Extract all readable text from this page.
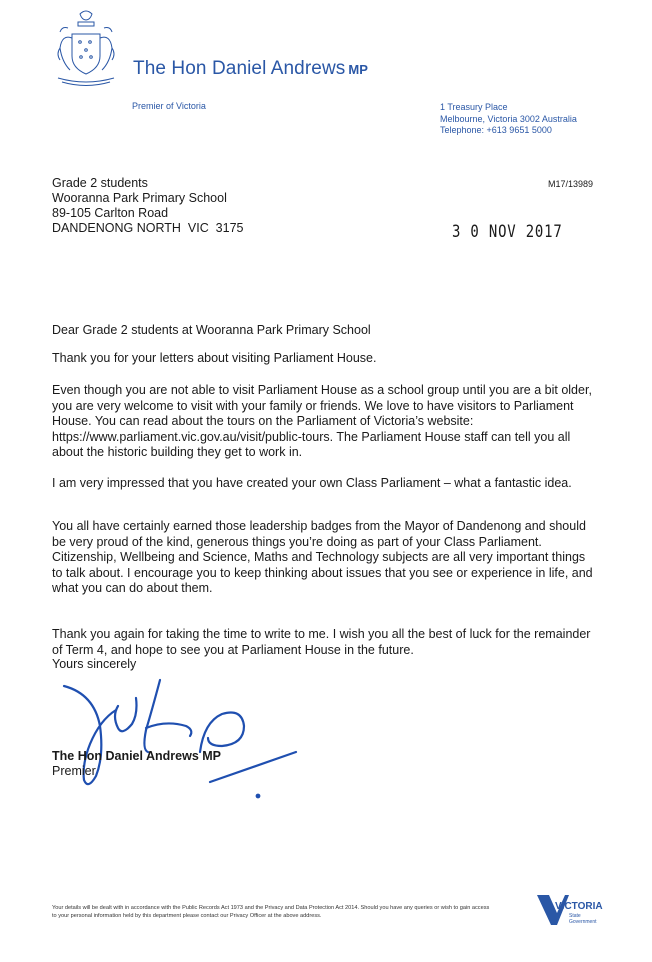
The Hon Daniel Andrews MP
Premier of Victoria	1 Treasury Place
Melbourne, Victoria 3002 Australia
Telephone: +613 9651 5000
Grade 2 students
Wooranna Park Primary School
89-105 Carlton Road
DANDENONG NORTH  VIC  3175
M17/13989
3 0 NOV 2017

Dear Grade 2 students at Wooranna Park Primary School

Thank you for your letters about visiting Parliament House.

Even though you are not able to visit Parliament House as a school group until you are a bit older, you are very welcome to visit with your family or friends. We love to have visitors to Parliament House. You can read about the tours on the Parliament of Victoria’s website: https://www.parliament.vic.gov.au/visit/public-tours. The Parliament House staff can tell you all about the historic building they get to work in.

I am very impressed that you have created your own Class Parliament – what a fantastic idea.

You all have certainly earned those leadership badges from the Mayor of Dandenong and should be very proud of the kind, generous things you’re doing as part of your Class Parliament. Citizenship, Wellbeing and Science, Maths and Technology subjects are all very important things to talk about. I encourage you to keep thinking about issues that you see or experience in life, and what you can do about them.

Thank you again for taking the time to write to me. I wish you all the best of luck for the remainder of Term 4, and hope to see you at Parliament House in the future.

Yours sincerely

The Hon Daniel Andrews MP
Premier
Your details will be dealt with in accordance with the Public Records Act 1973 and the Privacy and Data Protection Act 2014. Should you have any queries or wish to gain access to your personal information held by this department please contact our Privacy Officer at the above address.
VICTORIA
State
Government
